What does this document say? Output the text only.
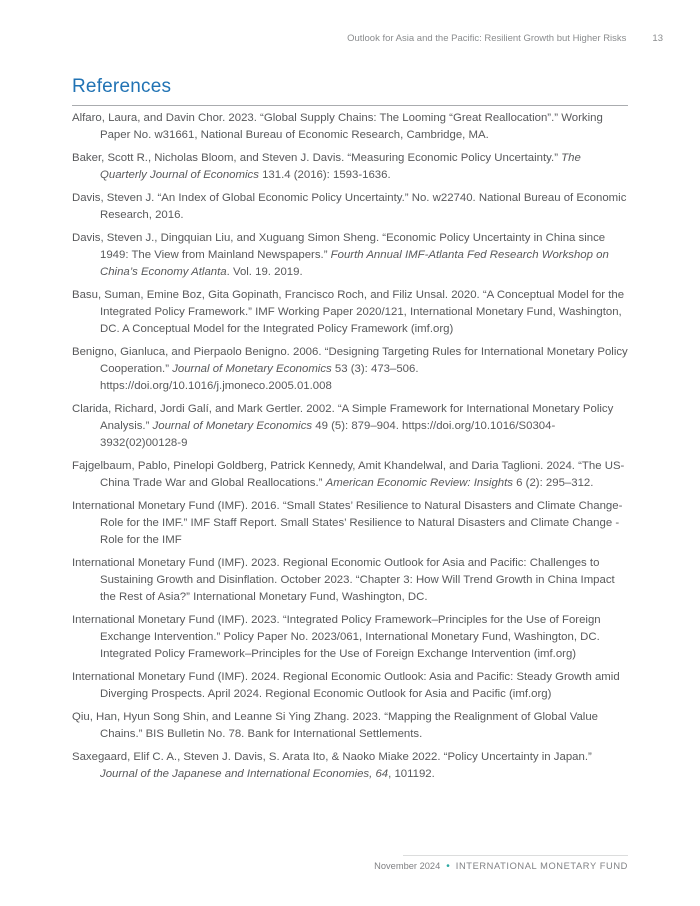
Outlook for Asia and the Pacific: Resilient Growth but Higher Risks	13
References

Alfaro, Laura, and Davin Chor. 2023. “Global Supply Chains: The Looming “Great Reallocation”.” Working Paper No. w31661, National Bureau of Economic Research, Cambridge, MA.

Baker, Scott R., Nicholas Bloom, and Steven J. Davis. “Measuring Economic Policy Uncertainty.” The Quarterly Journal of Economics 131.4 (2016): 1593-1636.

Davis, Steven J. “An Index of Global Economic Policy Uncertainty.” No. w22740. National Bureau of Economic Research, 2016.

Davis, Steven J., Dingquian Liu, and Xuguang Simon Sheng. “Economic Policy Uncertainty in China since 1949: The View from Mainland Newspapers.” Fourth Annual IMF-Atlanta Fed Research Workshop on China’s Economy Atlanta. Vol. 19. 2019.

Basu, Suman, Emine Boz, Gita Gopinath, Francisco Roch, and Filiz Unsal. 2020. “A Conceptual Model for the Integrated Policy Framework.” IMF Working Paper 2020/121, International Monetary Fund, Washington, DC. A Conceptual Model for the Integrated Policy Framework (imf.org)

Benigno, Gianluca, and Pierpaolo Benigno. 2006. “Designing Targeting Rules for International Monetary Policy Cooperation.” Journal of Monetary Economics 53 (3): 473–506. https://doi.org/10.1016/j.jmoneco.2005.01.008

Clarida, Richard, Jordi Galí, and Mark Gertler. 2002. “A Simple Framework for International Monetary Policy Analysis.” Journal of Monetary Economics 49 (5): 879–904. https://doi.org/10.1016/S0304-3932(02)00128-9

Fajgelbaum, Pablo, Pinelopi Goldberg, Patrick Kennedy, Amit Khandelwal, and Daria Taglioni. 2024. “The US-China Trade War and Global Reallocations.” American Economic Review: Insights 6 (2): 295–312.

International Monetary Fund (IMF). 2016. “Small States’ Resilience to Natural Disasters and Climate Change-Role for the IMF.” IMF Staff Report. Small States’ Resilience to Natural Disasters and Climate Change - Role for the IMF

International Monetary Fund (IMF). 2023. Regional Economic Outlook for Asia and Pacific: Challenges to Sustaining Growth and Disinflation. October 2023. “Chapter 3: How Will Trend Growth in China Impact the Rest of Asia?” International Monetary Fund, Washington, DC.

International Monetary Fund (IMF). 2023. “Integrated Policy Framework–Principles for the Use of Foreign Exchange Intervention.” Policy Paper No. 2023/061, International Monetary Fund, Washington, DC. Integrated Policy Framework–Principles for the Use of Foreign Exchange Intervention (imf.org)

International Monetary Fund (IMF). 2024. Regional Economic Outlook: Asia and Pacific: Steady Growth amid Diverging Prospects. April 2024. Regional Economic Outlook for Asia and Pacific (imf.org)

Qiu, Han, Hyun Song Shin, and Leanne Si Ying Zhang. 2023. “Mapping the Realignment of Global Value Chains.” BIS Bulletin No. 78. Bank for International Settlements.

Saxegaard, Elif C. A., Steven J. Davis, S. Arata Ito, & Naoko Miake 2022. “Policy Uncertainty in Japan.” Journal of the Japanese and International Economies, 64, 101192.

November 2024 • INTERNATIONAL MONETARY FUND
